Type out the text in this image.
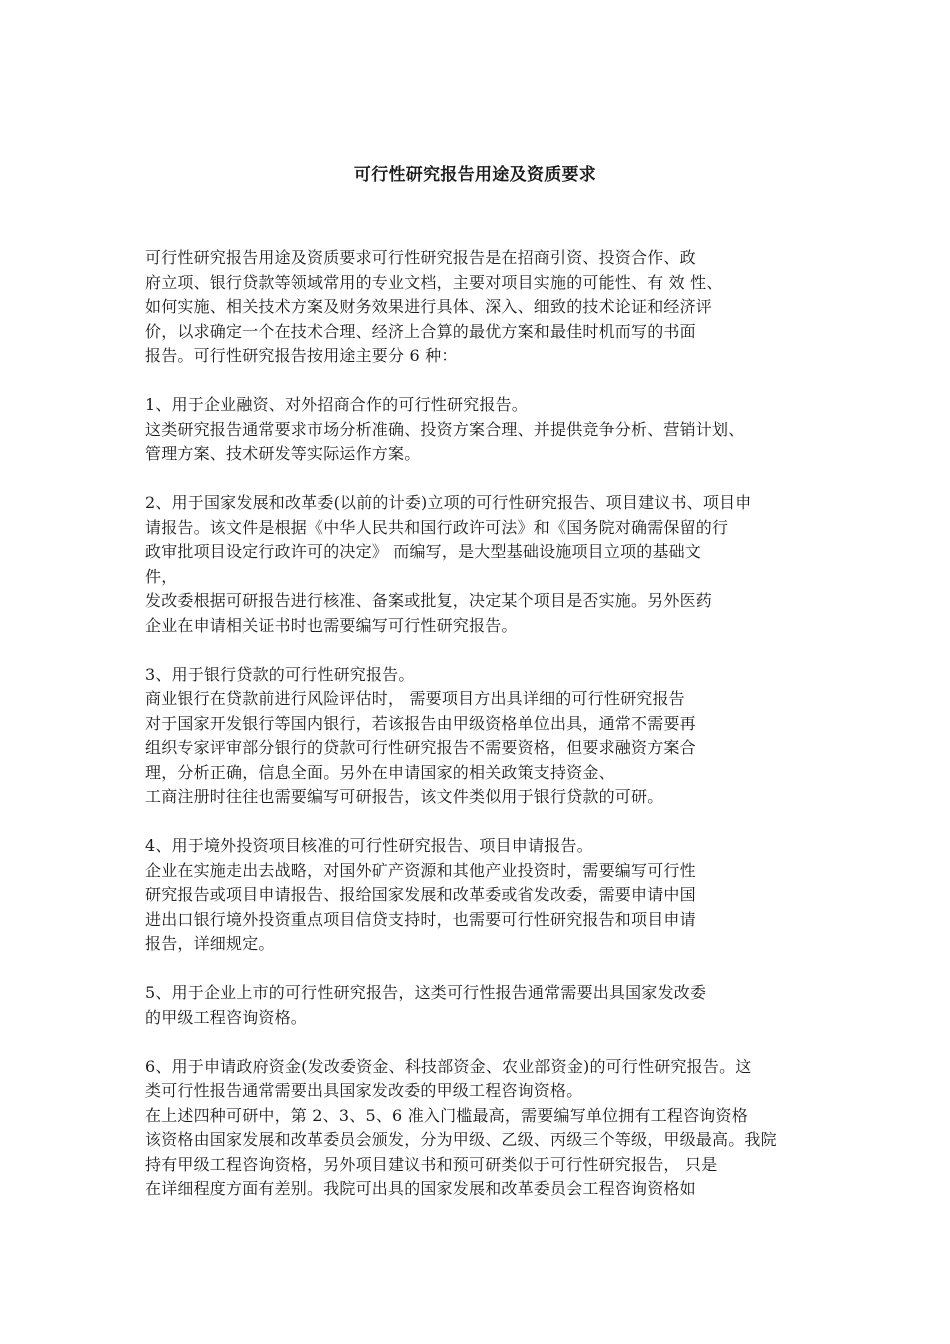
可行性研究报告用途及资质要求
可行性研究报告用途及资质要求可行性研究报告是在招商引资、投资合作、政
府立项、银行贷款等领域常用的专业文档，主要对项目实施的可能性、有 效 性、
如何实施、相关技术方案及财务效果进行具体、深入、细致的技术论证和经济评
价，以求确定一个在技术合理、经济上合算的最优方案和最佳时机而写的书面
报告。可行性研究报告按用途主要分 6 种：
1、用于企业融资、对外招商合作的可行性研究报告。
这类研究报告通常要求市场分析准确、投资方案合理、并提供竞争分析、营销计划、
管理方案、技术研发等实际运作方案。
2、用于国家发展和改革委(以前的计委)立项的可行性研究报告、项目建议书、项目申
请报告。该文件是根据《中华人民共和国行政许可法》和《国务院对确需保留的行
政审批项目设定行政许可的决定》 而编写，是大型基础设施项目立项的基础文
件，
发改委根据可研报告进行核准、备案或批复，决定某个项目是否实施。另外医药
企业在申请相关证书时也需要编写可行性研究报告。
3、用于银行贷款的可行性研究报告。
商业银行在贷款前进行风险评估时， 需要项目方出具详细的可行性研究报告
对于国家开发银行等国内银行，若该报告由甲级资格单位出具，通常不需要再
组织专家评审部分银行的贷款可行性研究报告不需要资格，但要求融资方案合
理，分析正确，信息全面。另外在申请国家的相关政策支持资金、
工商注册时往往也需要编写可研报告，该文件类似用于银行贷款的可研。
4、用于境外投资项目核准的可行性研究报告、项目申请报告。
企业在实施走出去战略，对国外矿产资源和其他产业投资时，需要编写可行性
研究报告或项目申请报告、报给国家发展和改革委或省发改委，需要申请中国
进出口银行境外投资重点项目信贷支持时，也需要可行性研究报告和项目申请
报告，详细规定。
5、用于企业上市的可行性研究报告，这类可行性报告通常需要出具国家发改委
的甲级工程咨询资格。
6、用于申请政府资金(发改委资金、科技部资金、农业部资金)的可行性研究报告。这
类可行性报告通常需要出具国家发改委的甲级工程咨询资格。
在上述四种可研中，第 2、3、5、6 准入门槛最高，需要编写单位拥有工程咨询资格
该资格由国家发展和改革委员会颁发，分为甲级、乙级、丙级三个等级，甲级最高。我院
持有甲级工程咨询资格，另外项目建议书和预可研类似于可行性研究报告， 只是
在详细程度方面有差别。我院可出具的国家发展和改革委员会工程咨询资格如
